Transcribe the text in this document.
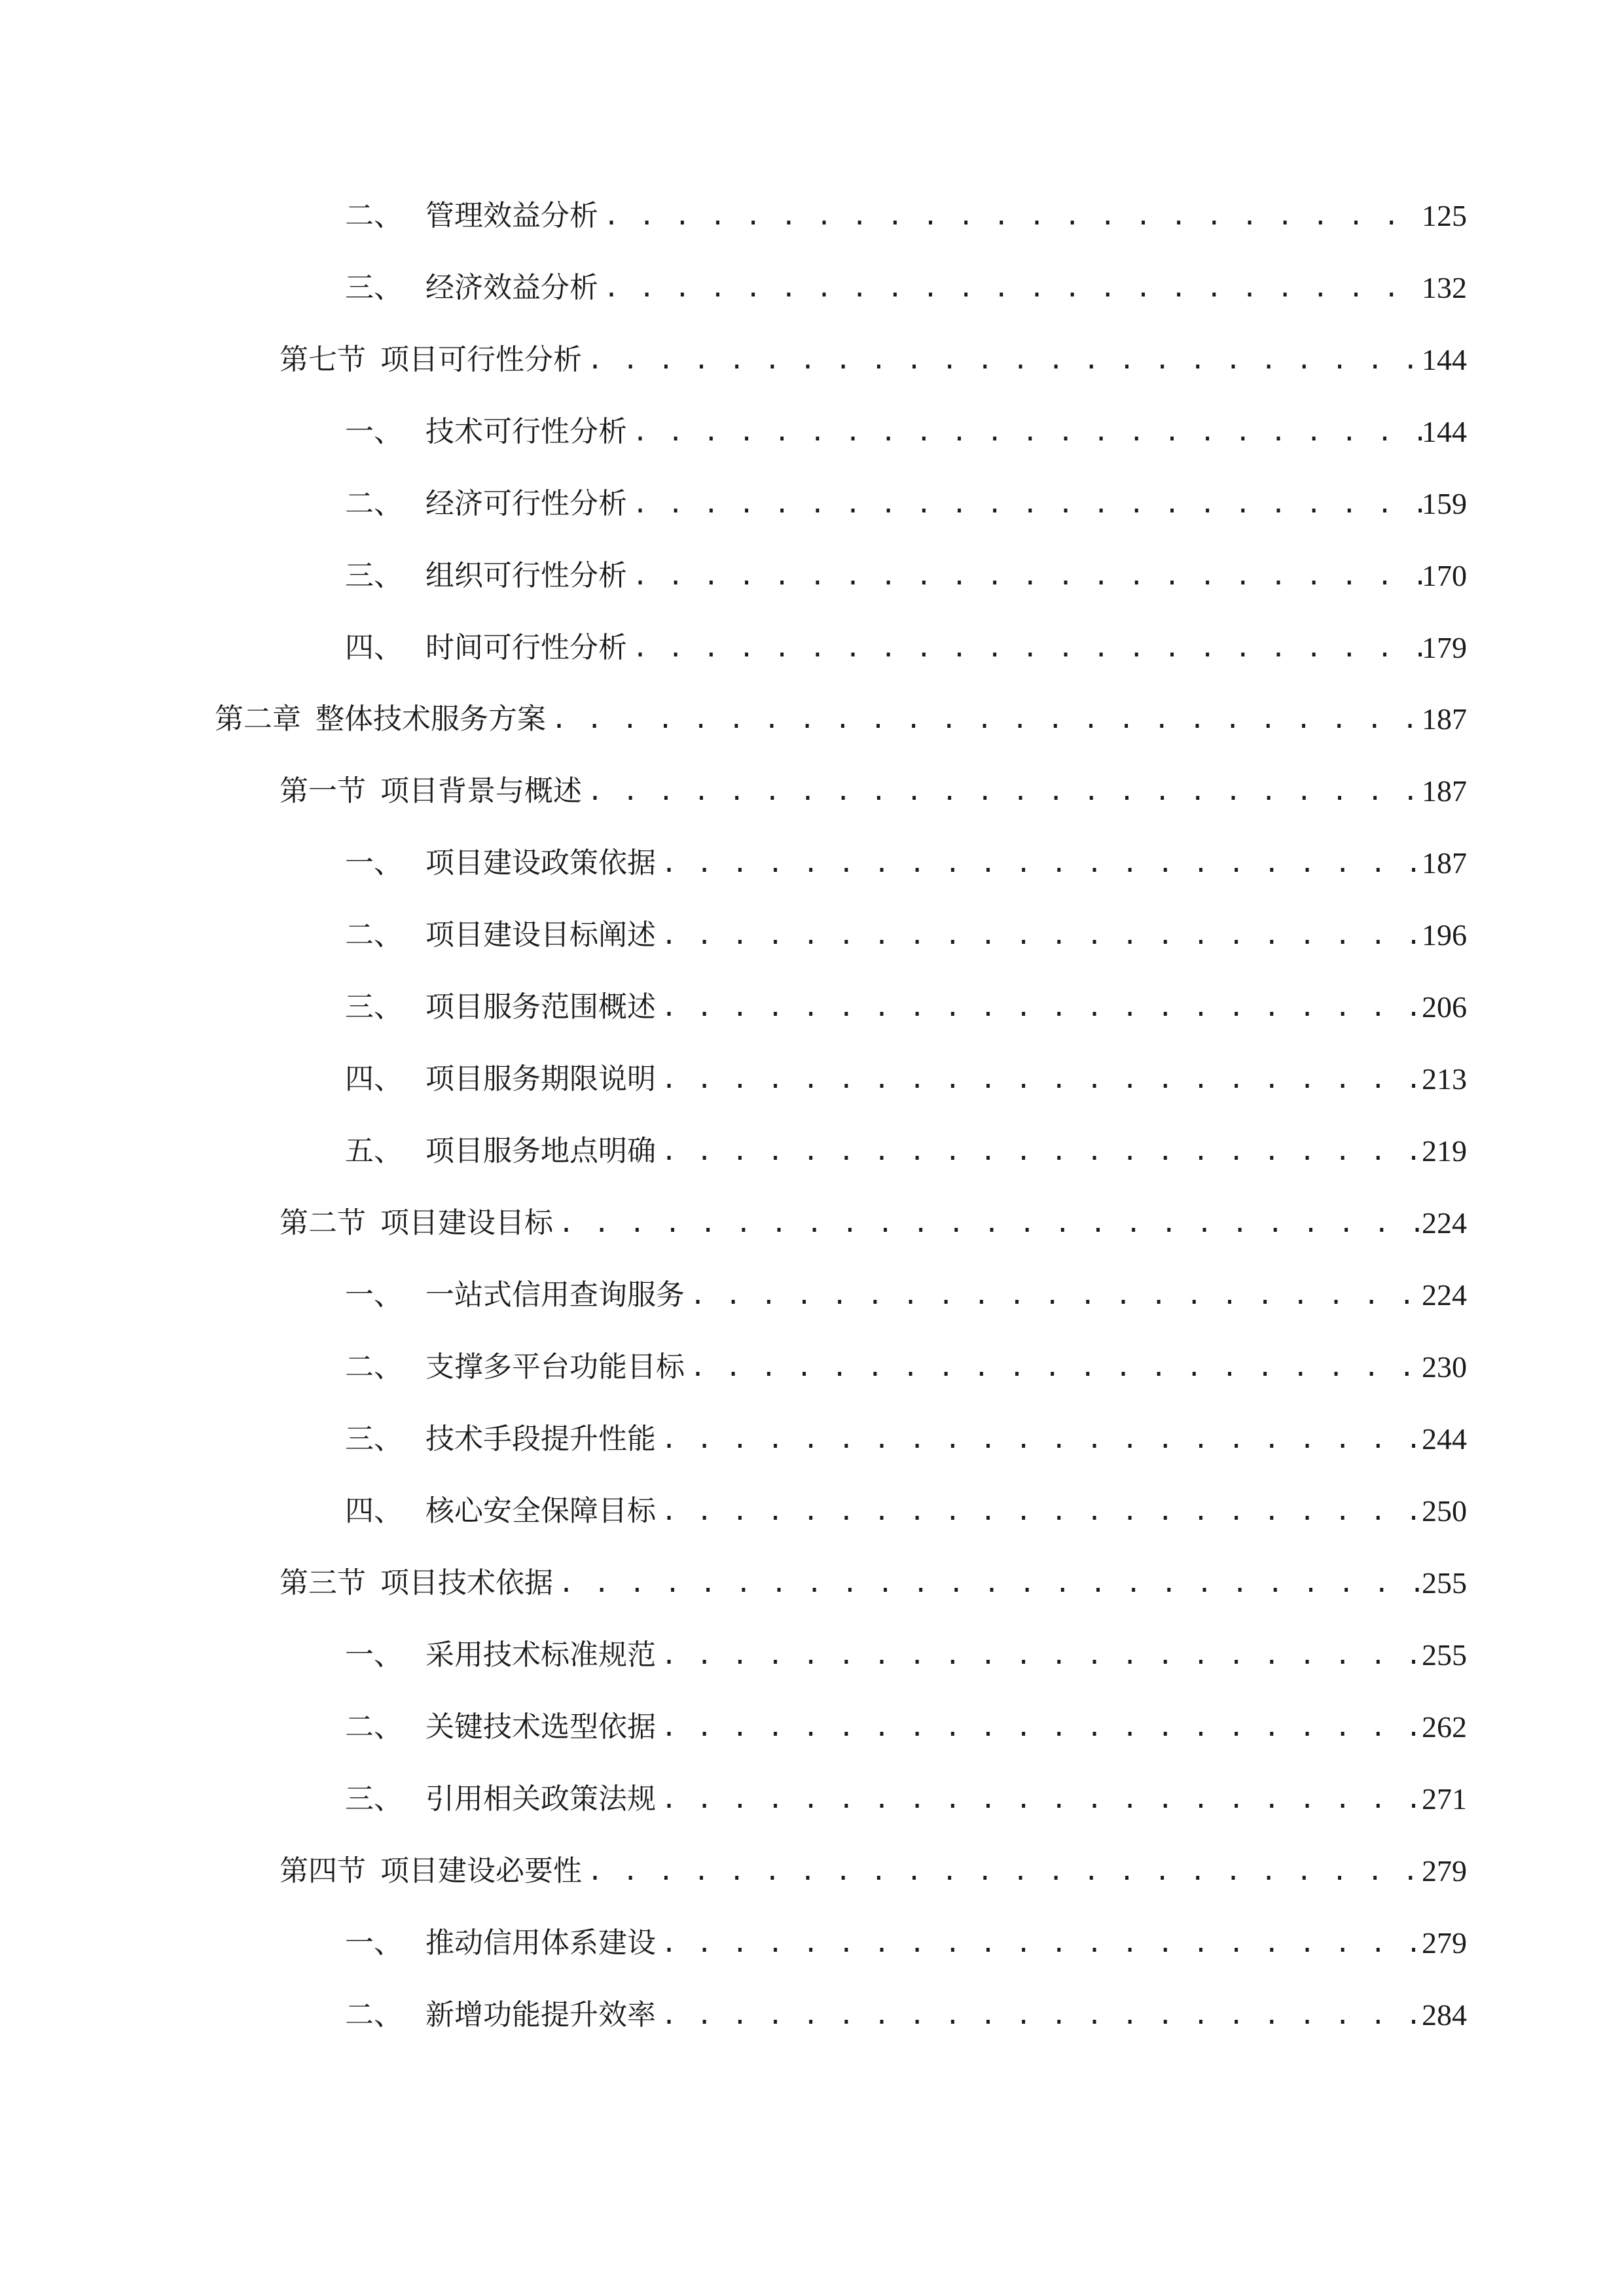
二、 管理效益分析 . . .	125
三、 经济效益分析 . . .	132
第七节 项目可行性分析 . . .	144
一、 技术可行性分析 . . .	144
二、 经济可行性分析 . . .	159
三、 组织可行性分析 . . .	170
四、 时间可行性分析 . . .	179
第二章 整体技术服务方案 . . .	187
第一节 项目背景与概述 . . .	187
一、 项目建设政策依据 . . .	187
二、 项目建设目标阐述 . . .	196
三、 项目服务范围概述 . . .	206
四、 项目服务期限说明 . . .	213
五、 项目服务地点明确 . . .	219
第二节 项目建设目标 . . .	224
一、 一站式信用查询服务 . . .	224
二、 支撑多平台功能目标 . . .	230
三、 技术手段提升性能 . . .	244
四、 核心安全保障目标 . . .	250
第三节 项目技术依据 . . .	255
一、 采用技术标准规范 . . .	255
二、 关键技术选型依据 . . .	262
三、 引用相关政策法规 . . .	271
第四节 项目建设必要性 . . .	279
一、 推动信用体系建设 . . .	279
二、 新增功能提升效率 . . .	284
